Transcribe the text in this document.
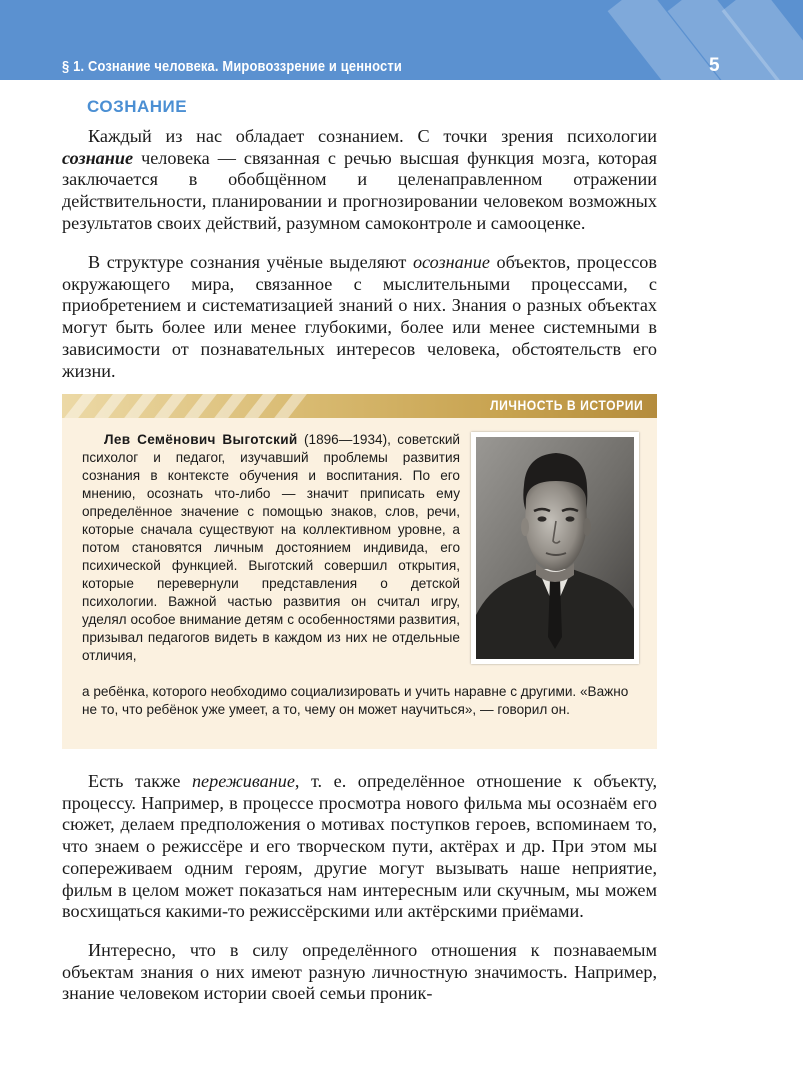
§ 1. Сознание человека. Мировоззрение и ценности	5
СОЗНАНИЕ

Каждый из нас обладает сознанием. С точки зрения психологии сознание человека — связанная с речью высшая функция мозга, которая заключается в обобщённом и целенаправленном отражении действительности, планировании и прогнозировании человеком возможных результатов своих действий, разумном самоконтроле и самооценке.

В структуре сознания учёные выделяют осознание объектов, процессов окружающего мира, связанное с мыслительными процессами, с приобретением и систематизацией знаний о них. Знания о разных объектах могут быть более или менее глубокими, более или менее системными в зависимости от познавательных интересов человека, обстоятельств его жизни.

ЛИЧНОСТЬ В ИСТОРИИ

Лев Семёнович Выготский (1896—1934), советский психолог и педагог, изучавший проблемы развития сознания в контексте обучения и воспитания. По его мнению, осознать что-либо — значит приписать ему определённое значение с помощью знаков, слов, речи, которые сначала существуют на коллективном уровне, а потом становятся личным достоянием индивида, его психической функцией. Выготский совершил открытия, которые перевернули представления о детской психологии. Важной частью развития он считал игру, уделял особое внимание детям с особенностями развития, призывал педагогов видеть в каждом из них не отдельные отличия,

а ребёнка, которого необходимо социализировать и учить наравне с другими. «Важно не то, что ребёнок уже умеет, а то, чему он может научиться», — говорил он.

Есть также переживание, т. е. определённое отношение к объекту, процессу. Например, в процессе просмотра нового фильма мы осознаём его сюжет, делаем предположения о мотивах поступков героев, вспоминаем то, что знаем о режиссёре и его творческом пути, актёрах и др. При этом мы сопереживаем одним героям, другие могут вызывать наше неприятие, фильм в целом может показаться нам интересным или скучным, мы можем восхищаться какими-то режиссёрскими или актёрскими приёмами.

Интересно, что в силу определённого отношения к познаваемым объектам знания о них имеют разную личностную значимость. Например, знание человеком истории своей семьи проник-
